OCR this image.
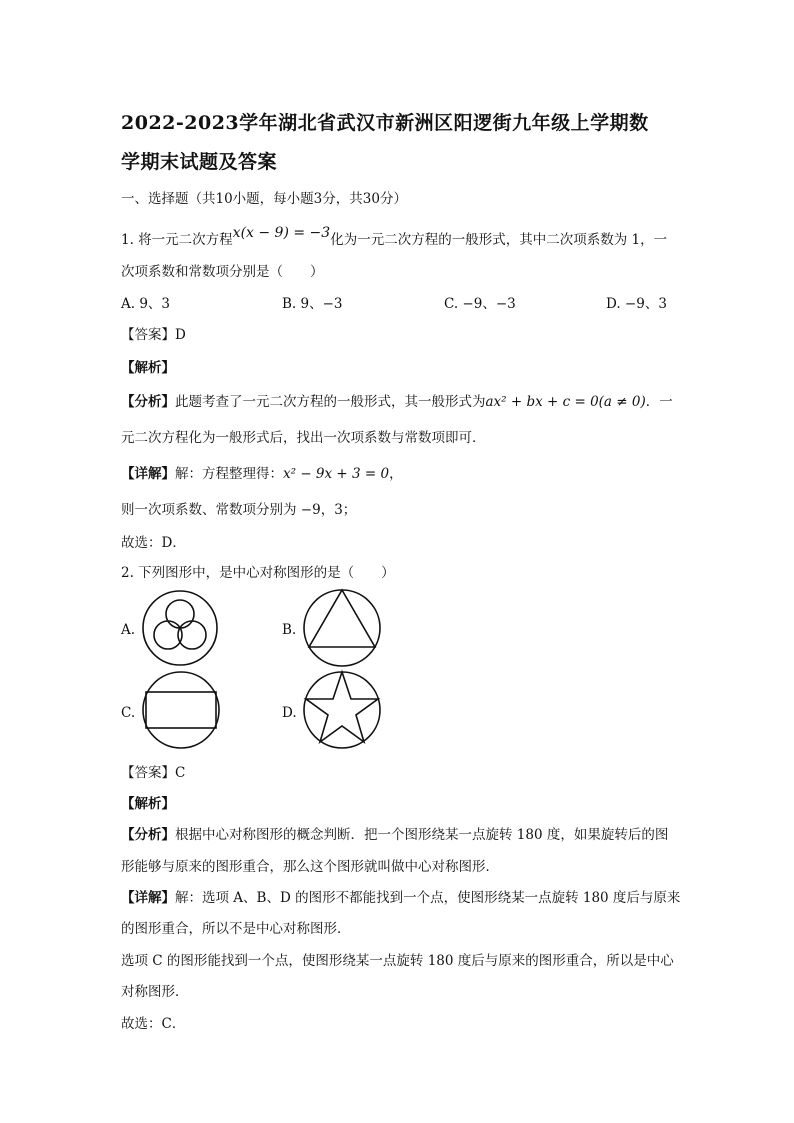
2022-2023学年湖北省武汉市新洲区阳逻街九年级上学期数
学期末试题及答案
一、选择题（共10小题，每小题3分，共30分）
1. 将一元二次方程x(x − 9) = −3化为一元二次方程的一般形式，其中二次项系数为 1，一
次项系数和常数项分别是（　　）
A. 9、3	B. 9、−3	C. −9、−3	D. −9、3
【答案】D
【解析】
【分析】此题考查了一元二次方程的一般形式，其一般形式为ax² + bx + c = 0(a ≠ 0)．一
元二次方程化为一般形式后，找出一次项系数与常数项即可．
【详解】解：方程整理得：x² − 9x + 3 = 0，
则一次项系数、常数项分别为 −9，3；
故选：D．
2. 下列图形中，是中心对称图形的是（　　）
A.	B.
C.	D.
【答案】C
【解析】
【分析】根据中心对称图形的概念判断．把一个图形绕某一点旋转 180 度，如果旋转后的图
形能够与原来的图形重合，那么这个图形就叫做中心对称图形．
【详解】解：选项 A、B、D 的图形不都能找到一个点，使图形绕某一点旋转 180 度后与原来
的图形重合，所以不是中心对称图形．
选项 C 的图形能找到一个点，使图形绕某一点旋转 180 度后与原来的图形重合，所以是中心
对称图形．
故选：C．
